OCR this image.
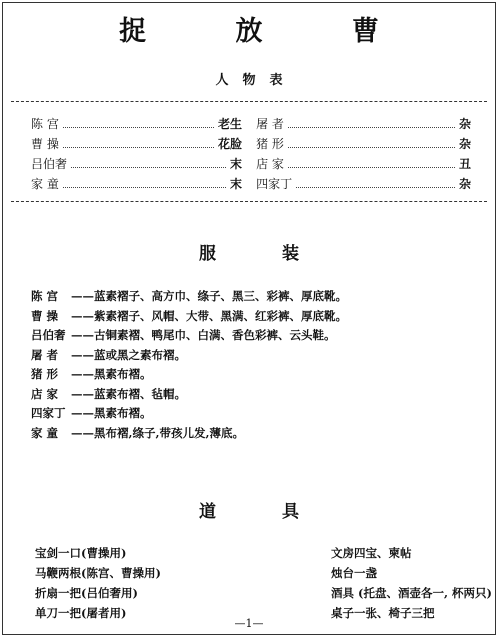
捉 放 曹
人物表
陈 宫	老生 屠 者	杂
曹 操	花脸 猪 形	杂
吕伯奢	末 店 家	丑
家 童	末 四家丁	杂
服 装
陈 宫 ——蓝素褶子、高方巾、绦子、黑三、彩裤、厚底靴。
曹 操 ——紫素褶子、风帽、大带、黑满、红彩裤、厚底靴。
吕伯奢 ——古铜素褶、鸭尾巾、白满、香色彩裤、云头鞋。
屠 者 ——蓝或黑之素布褶。
猪 形 ——黑素布褶。
店 家 ——蓝素布褶、毡帽。
四家丁 ——黑素布褶。
家 童 ——黑布褶,绦子,带孩儿发,薄底。
道 具
宝剑一口(曹操用)
马鞭两根(陈宫、曹操用)
折扇一把(吕伯奢用)
单刀一把(屠者用)
文房四宝、柬帖
烛台一盏
酒具 (托盘、酒壶各一, 杯两只)桌子一张、椅子三把
—1—
